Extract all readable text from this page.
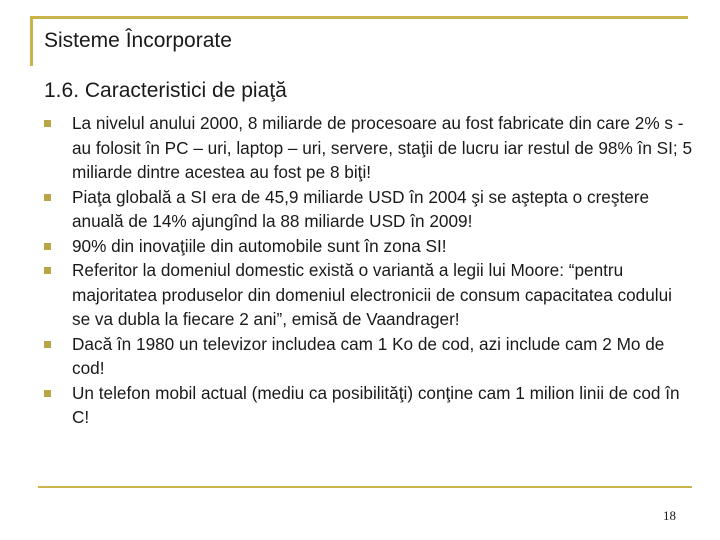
Sisteme Încorporate
1.6. Caracteristici de piaţă
La nivelul anului 2000, 8 miliarde de procesoare au fost fabricate din care 2% s - au folosit în PC – uri, laptop – uri, servere, staţii de lucru iar restul de 98% în SI; 5 miliarde dintre acestea au fost pe 8 biţi!
Piaţa globală a SI era de 45,9 miliarde USD în 2004 şi se aştepta o creştere anuală de 14% ajungînd la 88 miliarde USD în 2009!
90% din inovaţiile din automobile sunt în zona SI!
Referitor la domeniul domestic există o variantă a legii lui Moore: “pentru majoritatea produselor din domeniul electronicii de consum capacitatea codului se va dubla la fiecare 2 ani”, emisă de Vaandrager!
Dacă în 1980 un televizor includea cam 1 Ko de cod, azi include cam 2 Mo de cod!
Un telefon mobil actual (mediu ca posibilităţi) conţine cam 1 milion linii de cod în C!
18
